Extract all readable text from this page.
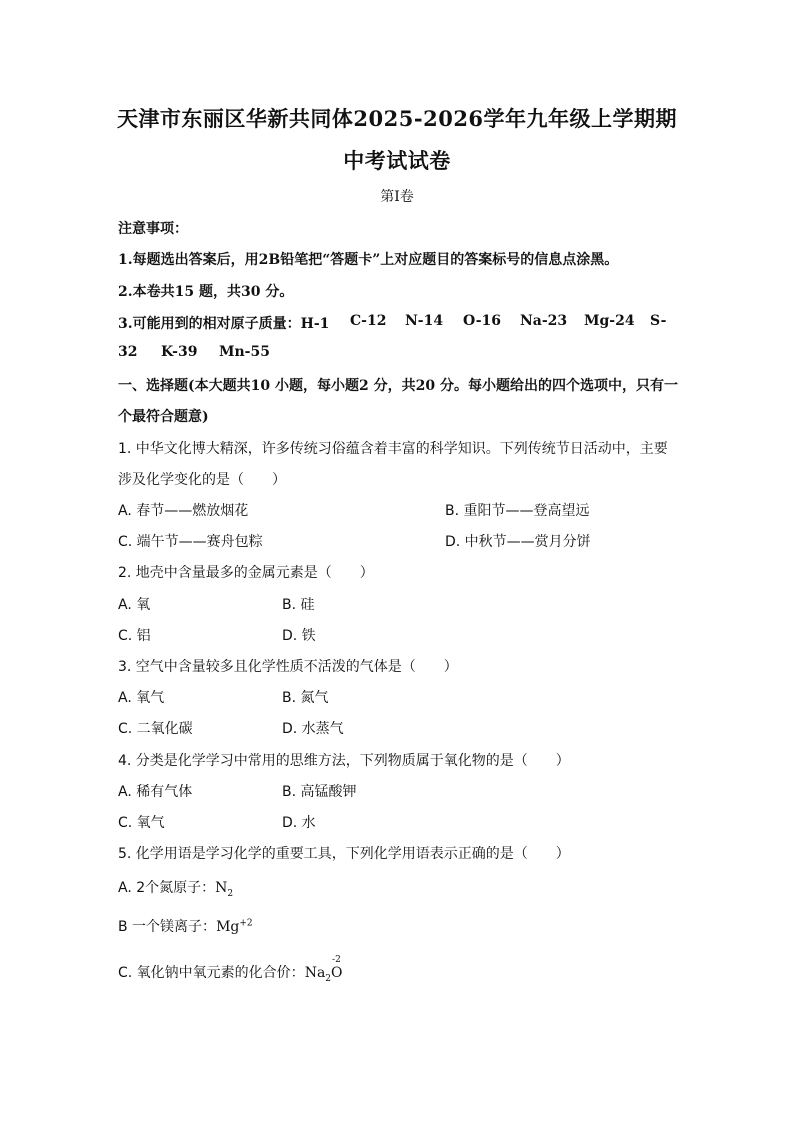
天津市东丽区华新共同体2025-2026学年九年级上学期期
中考试试卷
第Ⅰ卷
注意事项：
1.每题选出答案后，用2B铅笔把“答题卡”上对应题目的答案标号的信息点涂黑。
2.本卷共15 题，共30 分。
3.可能用到的相对原子质量：H-1 C-12 N-14 O-16 Na-23 Mg-24 S-
32 K-39 Mn-55
一、选择题(本大题共10 小题，每小题2 分，共20 分。每小题给出的四个选项中，只有一
个最符合题意)
1. 中华文化博大精深，许多传统习俗蕴含着丰富的科学知识。下列传统节日活动中，主要
涉及化学变化的是（　　）
A. 春节——燃放烟花	B. 重阳节——登高望远
C. 端午节——赛舟包粽	D. 中秋节——赏月分饼
2. 地壳中含量最多的金属元素是（　　）
A. 氧	B. 硅
C. 铝	D. 铁
3. 空气中含量较多且化学性质不活泼的气体是（　　）
A. 氧气	B. 氮气
C. 二氧化碳	D. 水蒸气
4. 分类是化学学习中常用的思维方法，下列物质属于氧化物的是（　　）
A. 稀有气体	B. 高锰酸钾
C. 氧气	D. 水
5. 化学用语是学习化学的重要工具，下列化学用语表示正确的是（　　）
A. 2个氮原子：$N_2$
B 一个镁离子：$Mg^{+2}$
C. 氧化钠中氧元素的化合价：$Na_2$
-2
O
